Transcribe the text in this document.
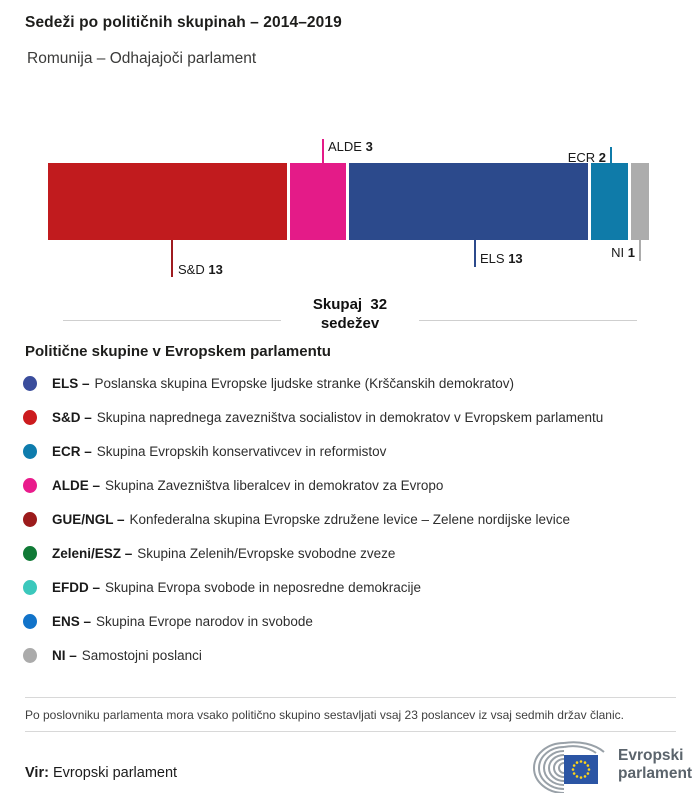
Sedeži po političnih skupinah – 2014–2019
Romunija – Odhajajoči parlament
ALDE 3
ECR 2
S&D 13
ELS 13	NI 1
Skupaj  32
sedežev
Politične skupine v Evropskem parlamentu
ELS – Poslanska skupina Evropske ljudske stranke (Krščanskih demokratov)
S&D – Skupina naprednega zavezništva socialistov in demokratov v Evropskem parlamentu
ECR – Skupina Evropskih konservativcev in reformistov
ALDE – Skupina Zavezništva liberalcev in demokratov za Evropo
GUE/NGL – Konfederalna skupina Evropske združene levice – Zelene nordijske levice
Zeleni/ESZ – Skupina Zelenih/Evropske svobodne zveze
EFDD – Skupina Evropa svobode in neposredne demokracije
ENS – Skupina Evrope narodov in svobode
NI – Samostojni poslanci
Po poslovniku parlamenta mora vsako politično skupino sestavljati vsaj 23 poslancev iz vsaj sedmih držav članic.
Vir: Evropski parlament
Evropski
parlament
